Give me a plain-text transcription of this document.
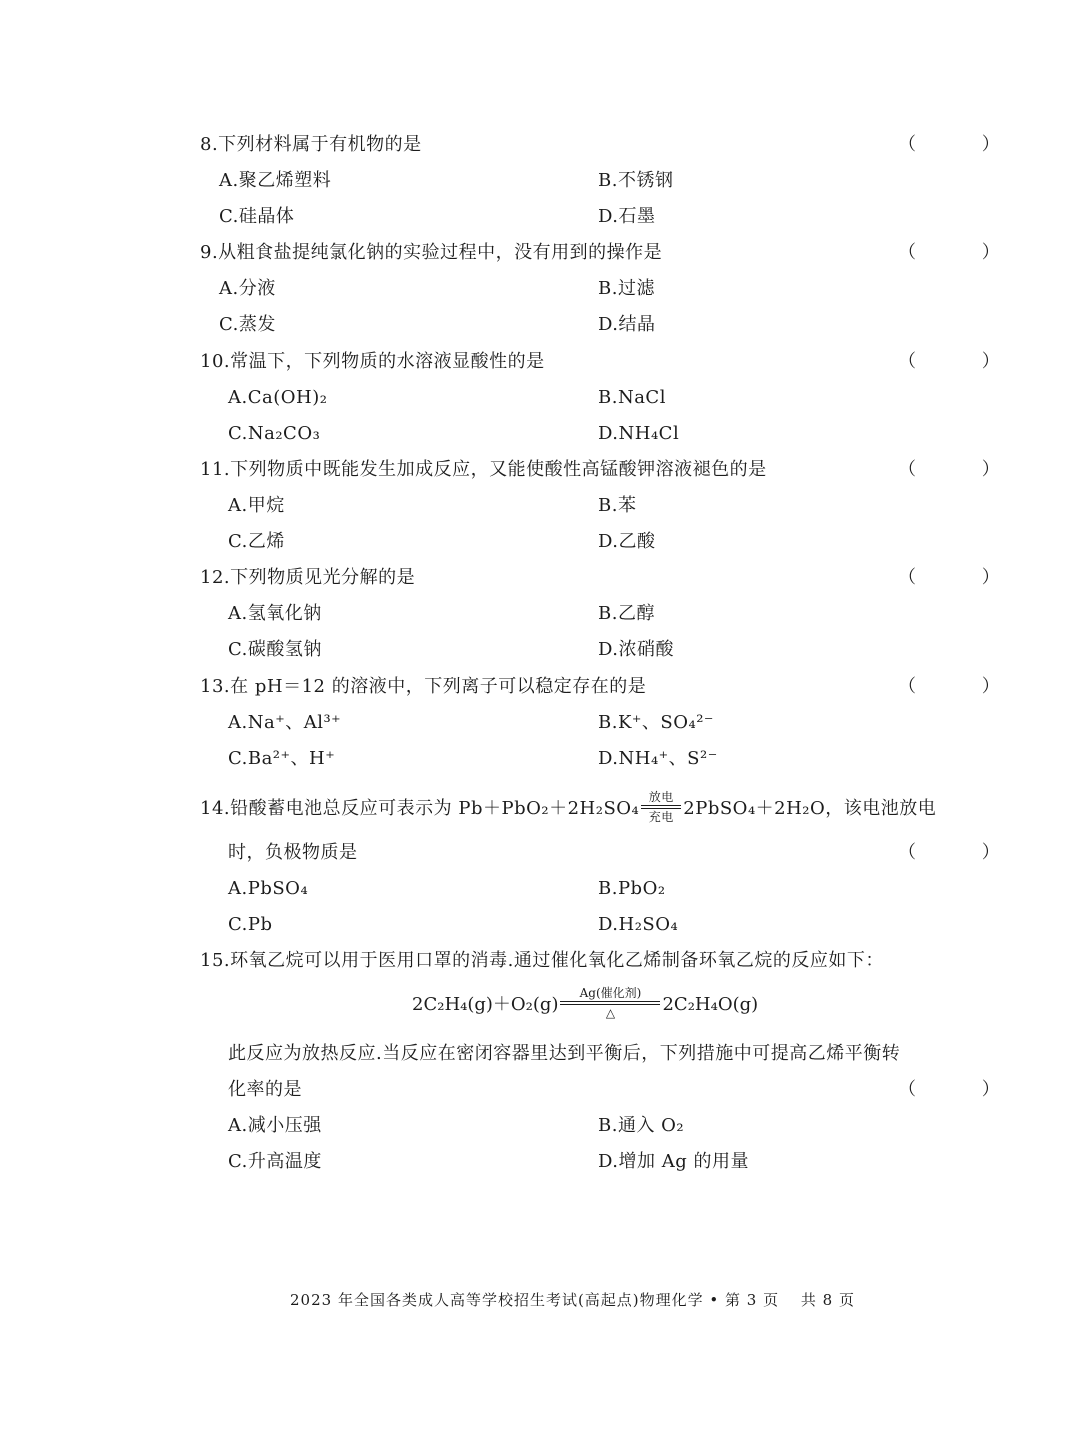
8.下列材料属于有机物的是	（ ）
A.聚乙烯塑料	B.不锈钢
C.硅晶体	D.石墨
9.从粗食盐提纯氯化钠的实验过程中，没有用到的操作是	（ ）
A.分液	B.过滤
C.蒸发	D.结晶
10.常温下，下列物质的水溶液显酸性的是	（ ）
A.Ca(OH)₂	B.NaCl
C.Na₂CO₃	D.NH₄Cl
11.下列物质中既能发生加成反应，又能使酸性高锰酸钾溶液褪色的是	（ ）
A.甲烷	B.苯
C.乙烯	D.乙酸
12.下列物质见光分解的是	（ ）
A.氢氧化钠	B.乙醇
C.碳酸氢钠	D.浓硝酸
13.在 pH＝12 的溶液中，下列离子可以稳定存在的是	（ ）
A.Na⁺、Al³⁺	B.K⁺、SO₄²⁻
C.Ba²⁺、H⁺	D.NH₄⁺、S²⁻
14.铅酸蓄电池总反应可表示为 Pb＋PbO₂＋2H₂SO₄
放电
充电 2PbSO₄＋2H₂O，该电池放电
时，负极物质是	（ ）
A.PbSO₄	B.PbO₂
C.Pb	D.H₂SO₄
15.环氧乙烷可以用于医用口罩的消毒.通过催化氧化乙烯制备环氧乙烷的反应如下：
2C₂H₄(g)＋O₂(g)
Ag(催化剂)
△	2C₂H₄O(g)
此反应为放热反应.当反应在密闭容器里达到平衡后，下列措施中可提高乙烯平衡转
化率的是	（ ）
A.减小压强	B.通入 O₂
C.升高温度	D.增加 Ag 的用量
2023 年全国各类成人高等学校招生考试(高起点)物理化学 • 第 3 页　 共 8 页
